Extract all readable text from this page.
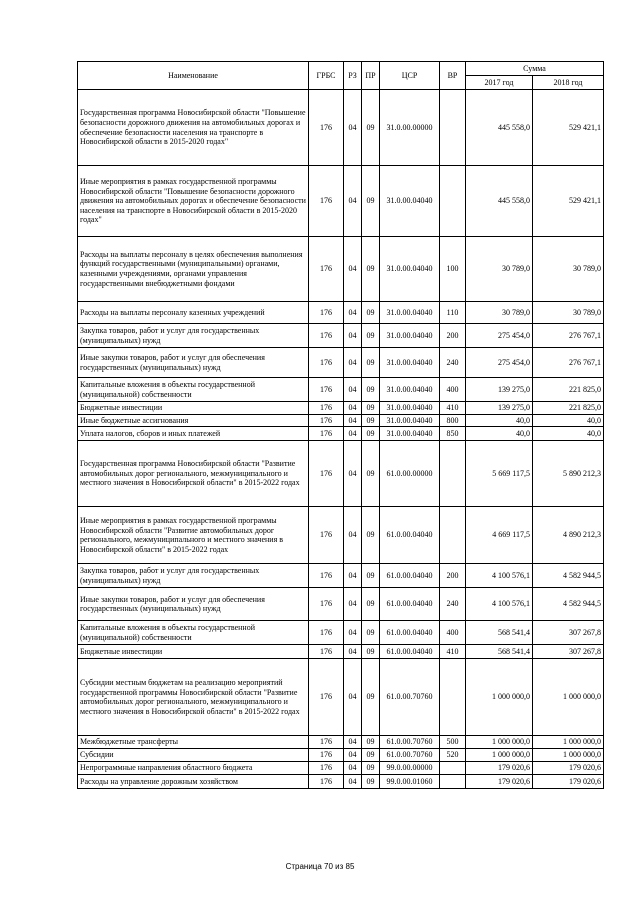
Наименование	ГРБС	РЗ	ПР	ЦСР	ВР	Сумма	
						2017 год	2018 год
Государственная программа Новосибирской области "Повышение безопасности дорожного движения на автомобильных дорогах и обеспечение безопасности населения на транспорте в Новосибирской области в 2015-2020 годах"	176	04	09	31.0.00.00000		445 558,0	529 421,1
Иные мероприятия в рамках государственной программы Новосибирской области "Повышение безопасности дорожного движения на автомобильных дорогах и обеспечение безопасности населения на транспорте в Новосибирской области в 2015-2020 годах"	176	04	09	31.0.00.04040		445 558,0	529 421,1
Расходы на выплаты персоналу в целях обеспечения выполнения функций государственными (муниципальными) органами, казенными учреждениями, органами управления государственными внебюджетными фондами	176	04	09	31.0.00.04040	100	30 789,0	30 789,0
Расходы на выплаты персоналу казенных учреждений	176	04	09	31.0.00.04040	110	30 789,0	30 789,0
Закупка товаров, работ и услуг для государственных (муниципальных) нужд	176	04	09	31.0.00.04040	200	275 454,0	276 767,1
Иные закупки товаров, работ и услуг для обеспечения государственных (муниципальных) нужд	176	04	09	31.0.00.04040	240	275 454,0	276 767,1
Капитальные вложения в объекты государственной (муниципальной) собственности	176	04	09	31.0.00.04040	400	139 275,0	221 825,0
Бюджетные инвестиции	176	04	09	31.0.00.04040	410	139 275,0	221 825,0
Иные бюджетные ассигнования	176	04	09	31.0.00.04040	800	40,0	40,0
Уплата налогов, сборов и иных платежей	176	04	09	31.0.00.04040	850	40,0	40,0
Государственная программа Новосибирской области "Развитие автомобильных дорог регионального, межмуниципального и местного значения в Новосибирской области" в 2015-2022 годах	176	04	09	61.0.00.00000		5 669 117,5	5 890 212,3
Иные мероприятия в рамках государственной программы Новосибирской области "Развитие автомобильных дорог регионального, межмуниципального и местного значения в Новосибирской области" в 2015-2022 годах	176	04	09	61.0.00.04040		4 669 117,5	4 890 212,3
Закупка товаров, работ и услуг для государственных (муниципальных) нужд	176	04	09	61.0.00.04040	200	4 100 576,1	4 582 944,5
Иные закупки товаров, работ и услуг для обеспечения государственных (муниципальных) нужд	176	04	09	61.0.00.04040	240	4 100 576,1	4 582 944,5
Капитальные вложения в объекты государственной (муниципальной) собственности	176	04	09	61.0.00.04040	400	568 541,4	307 267,8
Бюджетные инвестиции	176	04	09	61.0.00.04040	410	568 541,4	307 267,8
Субсидии местным бюджетам на реализацию мероприятий государственной программы Новосибирской области "Развитие автомобильных дорог регионального, межмуниципального и местного значения в Новосибирской области" в 2015-2022 годах	176	04	09	61.0.00.70760		1 000 000,0	1 000 000,0
Межбюджетные трансферты	176	04	09	61.0.00.70760	500	1 000 000,0	1 000 000,0
Субсидии	176	04	09	61.0.00.70760	520	1 000 000,0	1 000 000,0
Непрограммные направления областного бюджета	176	04	09	99.0.00.00000		179 020,6	179 020,6
Расходы на управление дорожным хозяйством	176	04	09	99.0.00.01060		179 020,6	179 020,6
Страница 70 из 85
